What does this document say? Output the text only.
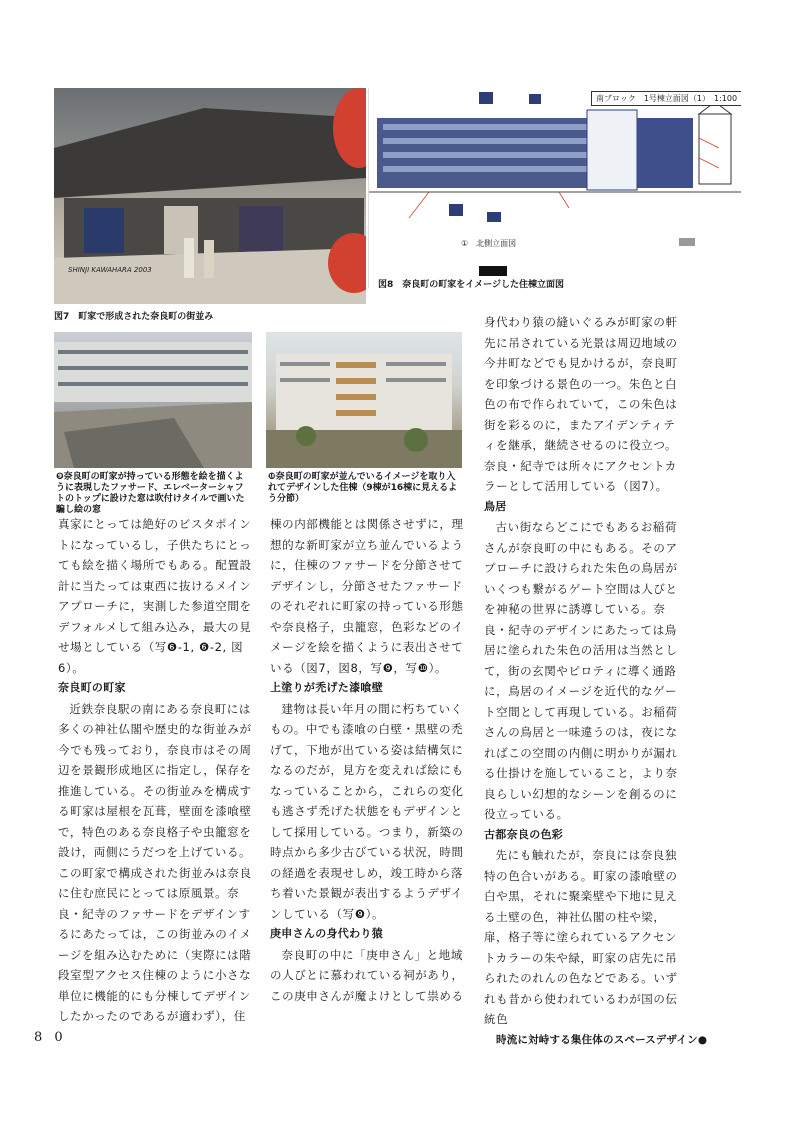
SHINJI KAWAHARA 2003
図7　町家で形成された奈良町の街並み
南ブロック　1号棟立面図（1）　1:100
①　北側立面図
図8　奈良町の町家をイメージした住棟立面図
❾奈良町の町家が持っている形態を絵を描くように表現したファサード、エレベーターシャフトのトップに設けた窓は吹付けタイルで画いた騙し絵の窓
❿奈良町の町家が並んでいるイメージを取り入れてデザインした住棟（9棟が16棟に見えるよう分節）

真家にとっては絶好のビスタポイントになっているし，子供たちにとっても絵を描く場所でもある。配置設計に当たっては東西に抜けるメインアプローチに，実測した参道空間をデフォルメして組み込み，最大の見せ場としている（写❻-1, ❻-2, 図6）。

奈良町の町家

近鉄奈良駅の南にある奈良町には多くの神社仏閣や歴史的な街並みが今でも残っており，奈良市はその周辺を景観形成地区に指定し，保存を推進している。その街並みを構成する町家は屋根を瓦葺，壁面を漆喰壁で，特色のある奈良格子や虫籠窓を設け，両側にうだつを上げている。この町家で構成された街並みは奈良に住む庶民にとっては原風景。奈良・紀寺のファサードをデザインするにあたっては，この街並みのイメージを組み込むために（実際には階段室型アクセス住棟のように小さな単位に機能的にも分棟してデザインしたかったのであるが適わず），住

棟の内部機能とは関係させずに，理想的な新町家が立ち並んでいるように，住棟のファサードを分節させてデザインし，分節させたファサードのそれぞれに町家の持っている形態や奈良格子，虫籠窓，色彩などのイメージを絵を描くように表出させている（図7，図8，写❾，写❿）。

上塗りが禿げた漆喰壁

建物は長い年月の間に朽ちていくもの。中でも漆喰の白壁・黒壁の禿げて，下地が出ている姿は結構気になるのだが，見方を変えれば絵にもなっていることから，これらの変化も逃さず禿げた状態をもデザインとして採用している。つまり，新築の時点から多少古びている状況，時間の経過を表現せしめ，竣工時から落ち着いた景観が表出するようデザインしている（写❾）。

庚申さんの身代わり猿

奈良町の中に「庚申さん」と地域の人びとに慕われている祠があり，この庚申さんが魔よけとして祟める

身代わり猿の縫いぐるみが町家の軒先に吊されている光景は周辺地域の今井町などでも見かけるが，奈良町を印象づける景色の一つ。朱色と白色の布で作られていて，この朱色は街を彩るのに，またアイデンティティを継承，継続させるのに役立つ。奈良・紀寺では所々にアクセントカラーとして活用している（図7）。

鳥居

古い街ならどこにでもあるお稲荷さんが奈良町の中にもある。そのアプローチに設けられた朱色の鳥居がいくつも繋がるゲート空間は人びとを神秘の世界に誘導している。奈良・紀寺のデザインにあたっては鳥居に塗られた朱色の活用は当然として，街の玄関やピロティに導く通路に，鳥居のイメージを近代的なゲート空間として再現している。お稲荷さんの鳥居と一味違うのは，夜になればこの空間の内側に明かりが漏れる仕掛けを施していること，より奈良らしい幻想的なシーンを創るのに役立っている。

古都奈良の色彩

先にも触れたが，奈良には奈良独特の色合いがある。町家の漆喰壁の白や黒，それに聚楽壁や下地に見える土壁の色，神社仏閣の柱や梁，扉，格子等に塗られているアクセントカラーの朱や緑，町家の店先に吊られたのれんの色などである。いずれも昔から使われているわが国の伝統色

8 0	時流に対峙する集住体のスペースデザイン●
